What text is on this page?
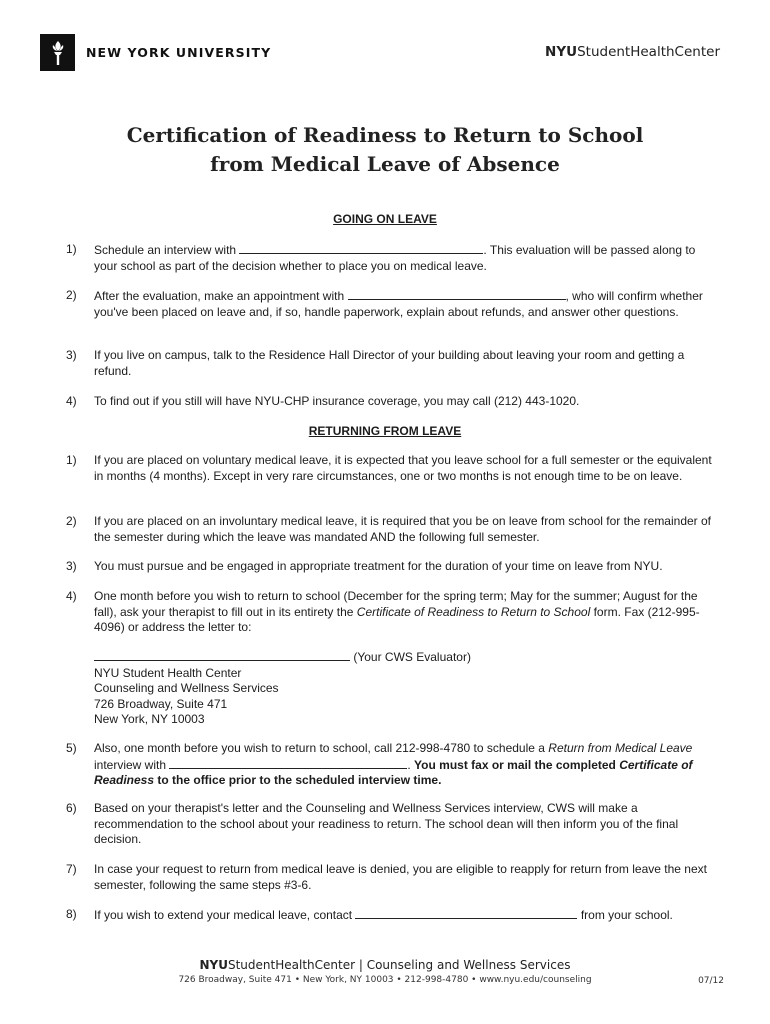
NEW YORK UNIVERSITY	NYUStudentHealthCenter
Certification of Readiness to Return to School
from Medical Leave of Absence
GOING ON LEAVE
1)	Schedule an interview with	. This evaluation will be passed along to your school as part of the decision whether to place you on medical leave.
2)	After the evaluation, make an appointment with	, who will confirm whether you've been placed on leave and, if so, handle paperwork, explain about refunds, and answer other questions.
3)	If you live on campus, talk to the Residence Hall Director of your building about leaving your room and getting a refund.
4)	To find out if you still will have NYU-CHP insurance coverage, you may call (212) 443-1020.
RETURNING FROM LEAVE
1)	If you are placed on voluntary medical leave, it is expected that you leave school for a full semester or the equivalent in months (4 months). Except in very rare circumstances, one or two months is not enough time to be on leave.
2)	If you are placed on an involuntary medical leave, it is required that you be on leave from school for the remainder of the semester during which the leave was mandated AND the following full semester.
3)	You must pursue and be engaged in appropriate treatment for the duration of your time on leave from NYU.
4)	One month before you wish to return to school (December for the spring term; May for the summer; August for the fall), ask your therapist to fill out in its entirety the Certificate of Readiness to Return to School form. Fax (212-995-4096) or address the letter to:
(Your CWS Evaluator)
NYU Student Health Center
Counseling and Wellness Services
726 Broadway, Suite 471
New York, NY 10003
5)	Also, one month before you wish to return to school, call 212-998-4780 to schedule a Return from Medical Leave interview with	. You must fax or mail the completed Certificate of Readiness to the office prior to the scheduled interview time.
6)	Based on your therapist's letter and the Counseling and Wellness Services interview, CWS will make a recommendation to the school about your readiness to return. The school dean will then inform you of the final decision.
7)	In case your request to return from medical leave is denied, you are eligible to reapply for return from leave the next semester, following the same steps #3-6.
8)	If you wish to extend your medical leave, contact	from your school.
NYUStudentHealthCenter | Counseling and Wellness Services
726 Broadway, Suite 471 • New York, NY 10003 • 212-998-4780 • www.nyu.edu/counseling	07/12
